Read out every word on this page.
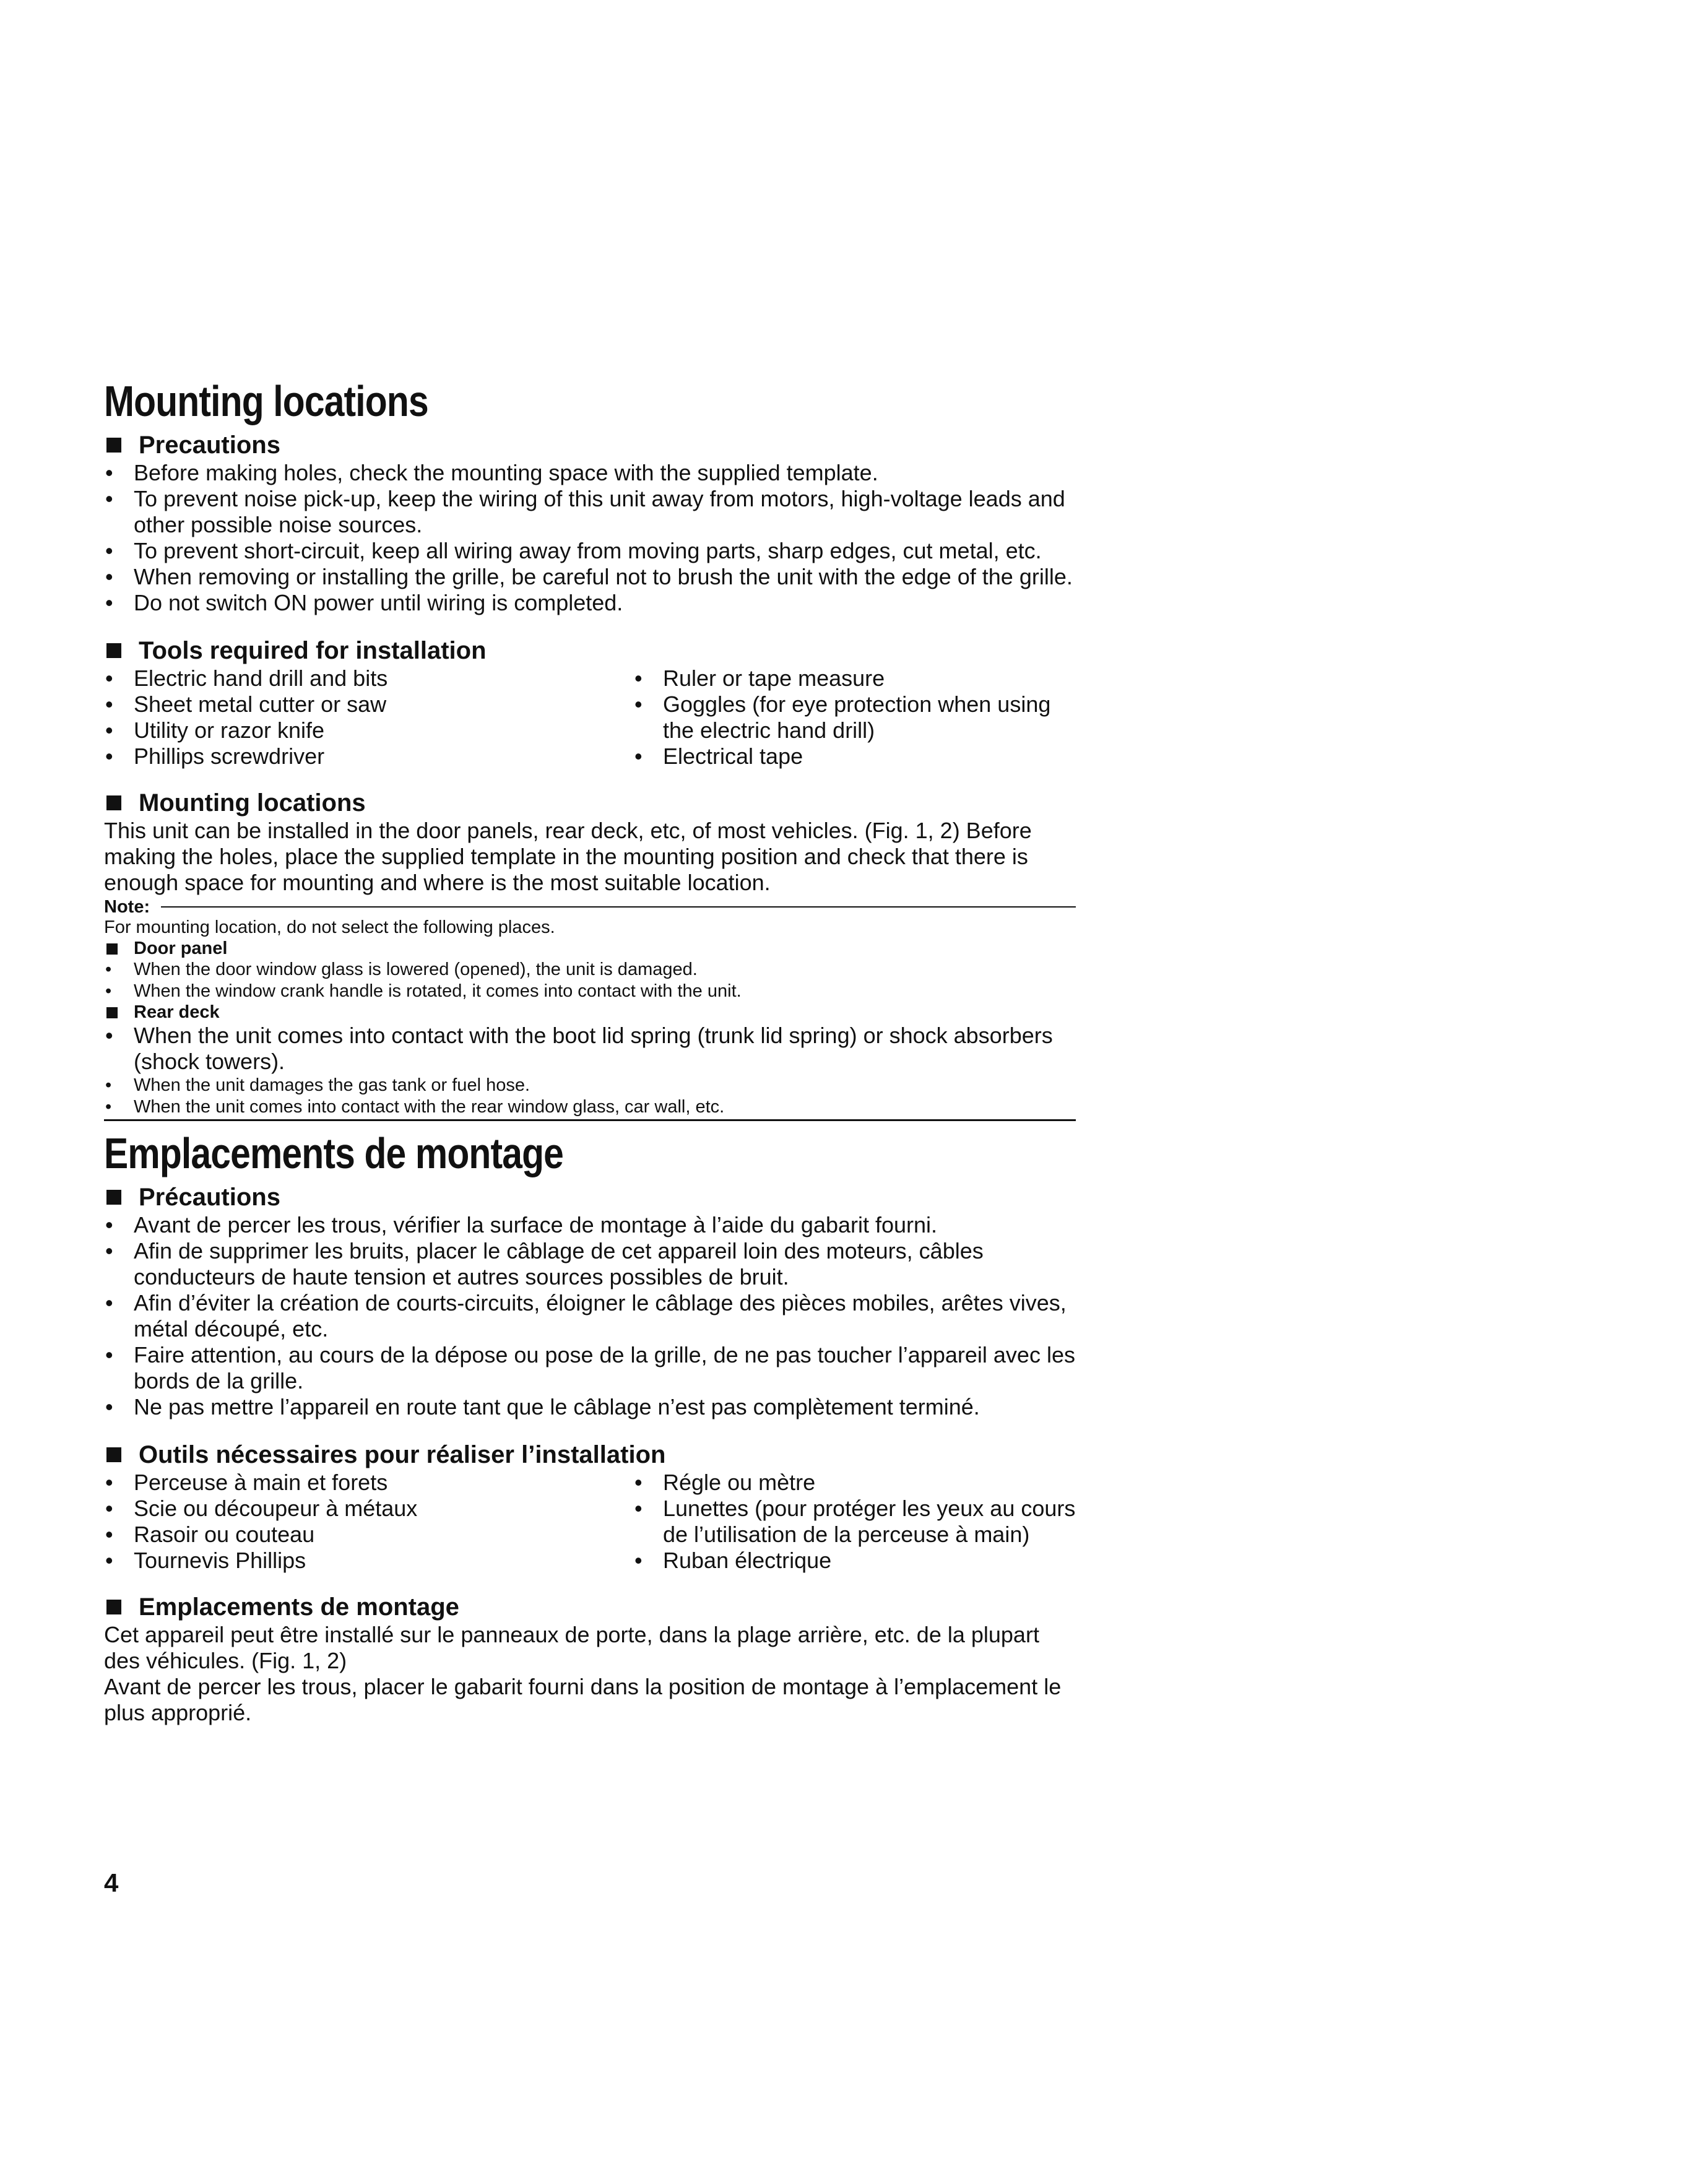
Mounting locations
Precautions
• Before making holes, check the mounting space with the supplied template.
• To prevent noise pick-up, keep the wiring of this unit away from motors, high-voltage leads and other possible noise sources.
• To prevent short-circuit, keep all wiring away from moving parts, sharp edges, cut metal, etc.
• When removing or installing the grille, be careful not to brush the unit with the edge of the grille.
• Do not switch ON power until wiring is completed.
Tools required for installation
• Electric hand drill and bits
• Sheet metal cutter or saw
• Utility or razor knife
• Phillips screwdriver
• Ruler or tape measure
• Goggles (for eye protection when using the electric hand drill)
• Electrical tape
Mounting locations

This unit can be installed in the door panels, rear deck, etc, of most vehicles. (Fig. 1, 2) Before making the holes, place the supplied template in the mounting position and check that there is enough space for mounting and where is the most suitable location.

Note:

For mounting location, do not select the following places.

Door panel
• When the door window glass is lowered (opened), the unit is damaged.
• When the window crank handle is rotated, it comes into contact with the unit.
Rear deck
• When the unit comes into contact with the boot lid spring (trunk lid spring) or shock absorbers (shock towers).
• When the unit damages the gas tank or fuel hose.
• When the unit comes into contact with the rear window glass, car wall, etc.
Emplacements de montage
Précautions
• Avant de percer les trous, vérifier la surface de montage à l’aide du gabarit fourni.
• Afin de supprimer les bruits, placer le câblage de cet appareil loin des moteurs, câbles conducteurs de haute tension et autres sources possibles de bruit.
• Afin d’éviter la création de courts-circuits, éloigner le câblage des pièces mobiles, arêtes vives, métal découpé, etc.
• Faire attention, au cours de la dépose ou pose de la grille, de ne pas toucher l’appareil avec les bords de la grille.
• Ne pas mettre l’appareil en route tant que le câblage n’est pas complètement terminé.
Outils nécessaires pour réaliser l’installation
• Perceuse à main et forets
• Scie ou découpeur à métaux
• Rasoir ou couteau
• Tournevis Phillips
• Régle ou mètre
• Lunettes (pour protéger les yeux au cours de l’utilisation de la perceuse à main)
• Ruban électrique
Emplacements de montage

Cet appareil peut être installé sur le panneaux de porte, dans la plage arrière, etc. de la plupart des véhicules. (Fig. 1, 2)

Avant de percer les trous, placer le gabarit fourni dans la position de montage à l’emplacement le plus approprié.

4
